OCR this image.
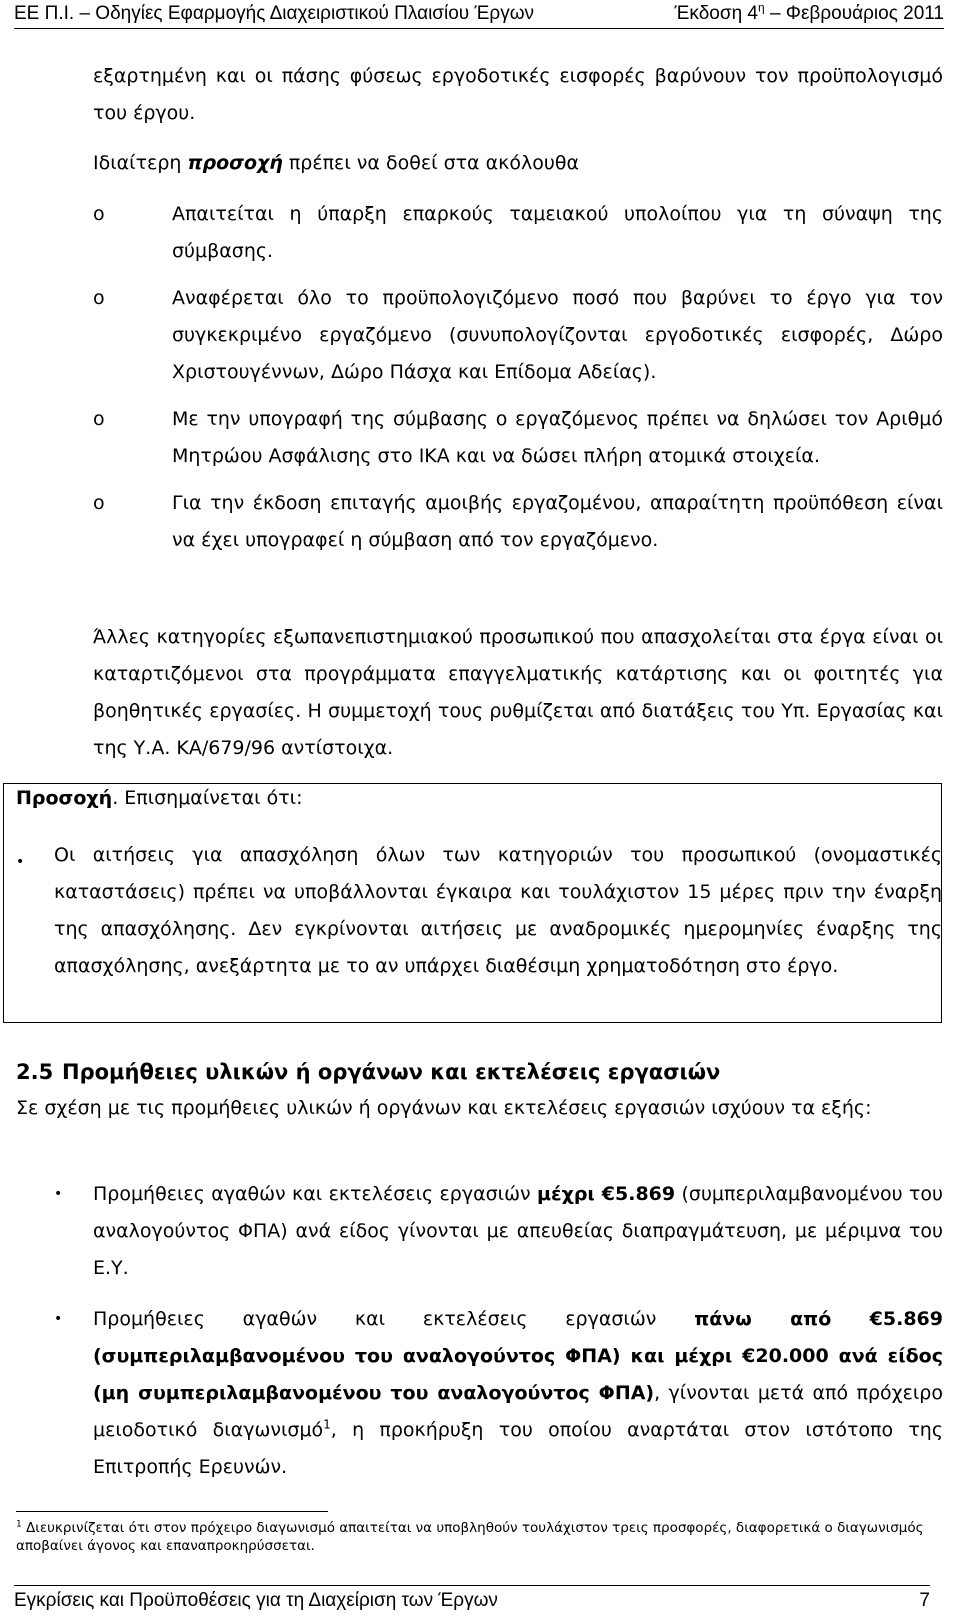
ΕΕ Π.Ι. – Οδηγίες Εφαρμογής Διαχειριστικού Πλαισίου Έργων	Έκδοση $4^\eta$ – Φεβρουάριος 2011
εξαρτημένη και οι πάσης φύσεως εργοδοτικές εισφορές βαρύνουν τον προϋπολογισμό του έργου.
Ιδιαίτερη προσοχή πρέπει να δοθεί στα ακόλουθα
o	Απαιτείται η ύπαρξη επαρκούς ταμειακού υπολοίπου για τη σύναψη της σύμβασης.
o	Αναφέρεται όλο το προϋπολογιζόμενο ποσό που βαρύνει το έργο για τον συγκεκριμένο εργαζόμενο (συνυπολογίζονται εργοδοτικές εισφορές, Δώρο Χριστουγέννων, Δώρο Πάσχα και Επίδομα Αδείας).
o	Με την υπογραφή της σύμβασης ο εργαζόμενος πρέπει να δηλώσει τον Αριθμό Μητρώου Ασφάλισης στο ΙΚΑ και να δώσει πλήρη ατομικά στοιχεία.
o	Για την έκδοση επιταγής αμοιβής εργαζομένου, απαραίτητη προϋπόθεση είναι να έχει υπογραφεί η σύμβαση από τον εργαζόμενο.
Άλλες κατηγορίες εξωπανεπιστημιακού προσωπικού που απασχολείται στα έργα είναι οι καταρτιζόμενοι στα προγράμματα επαγγελματικής κατάρτισης και οι φοιτητές για βοηθητικές εργασίες. Η συμμετοχή τους ρυθμίζεται από διατάξεις του Υπ. Εργασίας και της Υ.Α. ΚΑ/679/96 αντίστοιχα.
Προσοχή. Επισημαίνεται ότι:
• Οι αιτήσεις για απασχόληση όλων των κατηγοριών του προσωπικού (ονομαστικές καταστάσεις) πρέπει να υποβάλλονται έγκαιρα και τουλάχιστον 15 μέρες πριν την έναρξη της απασχόλησης. Δεν εγκρίνονται αιτήσεις με αναδρομικές ημερομηνίες έναρξης της απασχόλησης, ανεξάρτητα με το αν υπάρχει διαθέσιμη χρηματοδότηση στο έργο.
2.5 Προμήθειες υλικών ή οργάνων και εκτελέσεις εργασιών
Σε σχέση με τις προμήθειες υλικών ή οργάνων και εκτελέσεις εργασιών ισχύουν τα εξής:
• Προμήθειες αγαθών και εκτελέσεις εργασιών μέχρι €5.869 (συμπεριλαμβανομένου του αναλογούντος ΦΠΑ) ανά είδος γίνονται με απευθείας διαπραγμάτευση, με μέριμνα του Ε.Υ.
• Προμήθειες αγαθών και εκτελέσεις εργασιών πάνω από €5.869 (συμπεριλαμβανομένου του αναλογούντος ΦΠΑ) και μέχρι €20.000 ανά είδος (μη συμπεριλαμβανομένου του αναλογούντος ΦΠΑ), γίνονται μετά από πρόχειρο μειοδοτικό διαγωνισμό$^1$, η προκήρυξη του οποίου αναρτάται στον ιστότοπο της Επιτροπής Ερευνών.
$^1$ Διευκρινίζεται ότι στον πρόχειρο διαγωνισμό απαιτείται να υποβληθούν τουλάχιστον τρεις προσφορές, διαφορετικά ο διαγωνισμός αποβαίνει άγονος και επαναπροκηρύσσεται.
Εγκρίσεις και Προϋποθέσεις για τη Διαχείριση των Έργων	7
